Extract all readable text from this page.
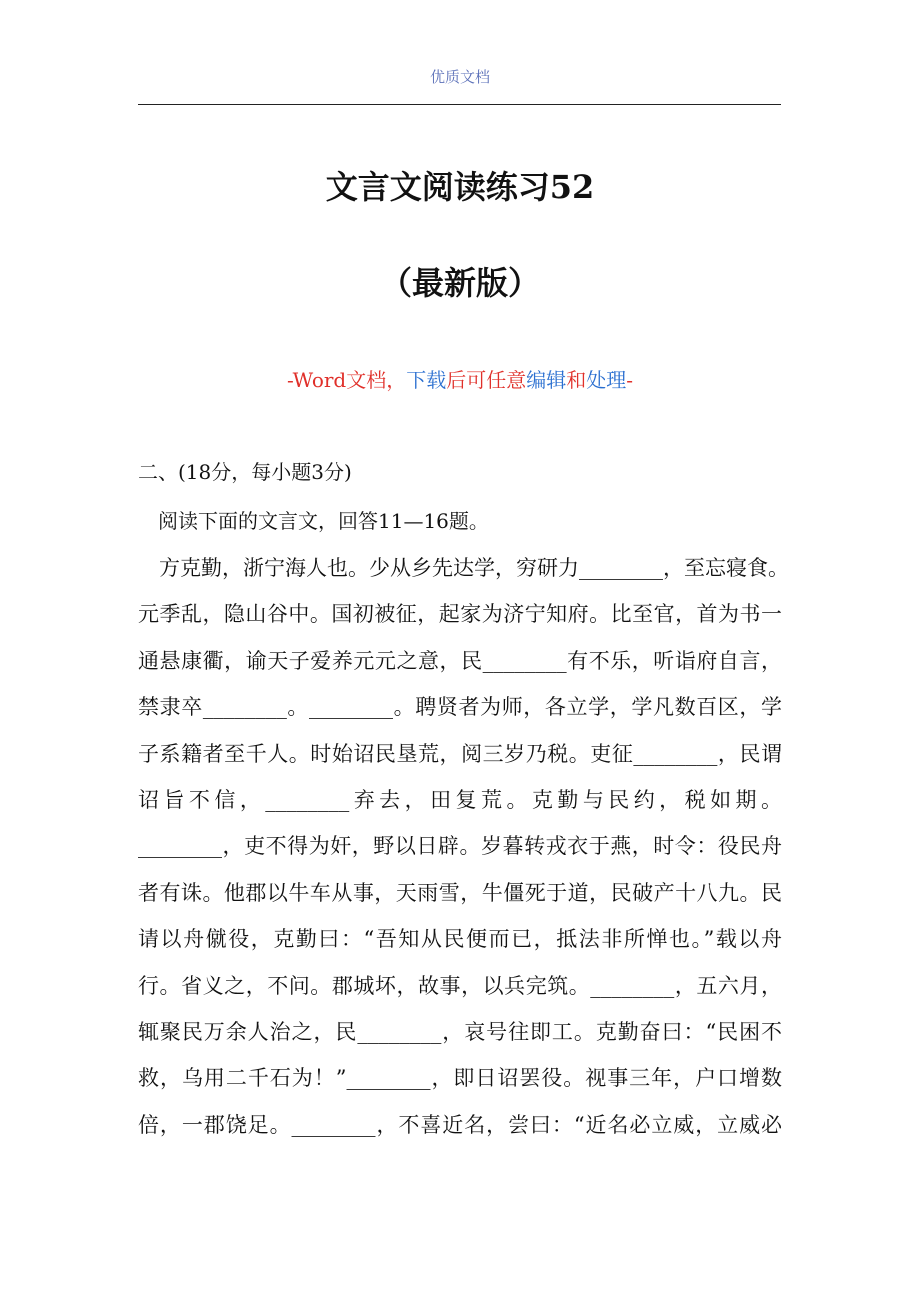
优质文档
文言文阅读练习52
（最新版）
-Word文档，下载后可任意编辑和处理-
二、(18分，每小题3分)
阅读下面的文言文，回答11—16题。
　方克勤，浙宁海人也。少从乡先达学，穷研力________，至忘寝食。
元季乱，隐山谷中。国初被征，起家为济宁知府。比至官，首为书一
通悬康衢，谕天子爱养元元之意，民________有不乐，听诣府自言，
禁隶卒________。________。聘贤者为师，各立学，学凡数百区，学
子系籍者至千人。时始诏民垦荒，阅三岁乃税。吏征________，民谓
诏旨不信，________弃去，田复荒。克勤与民约，税如期。
________，吏不得为奸，野以日辟。岁暮转戎衣于燕，时令：役民舟
者有诛。他郡以牛车从事，天雨雪，牛僵死于道，民破产十八九。民
请以舟僦役，克勤曰：“吾知从民便而已，抵法非所惮也。”载以舟
行。省义之，不问。郡城坏，故事，以兵完筑。________，五六月，
辄聚民万余人治之，民________，哀号往即工。克勤奋曰：“民困不
救，乌用二千石为！”________，即日诏罢役。视事三年，户口增数
倍，一郡饶足。________，不喜近名，尝曰：“近名必立威，立威必
